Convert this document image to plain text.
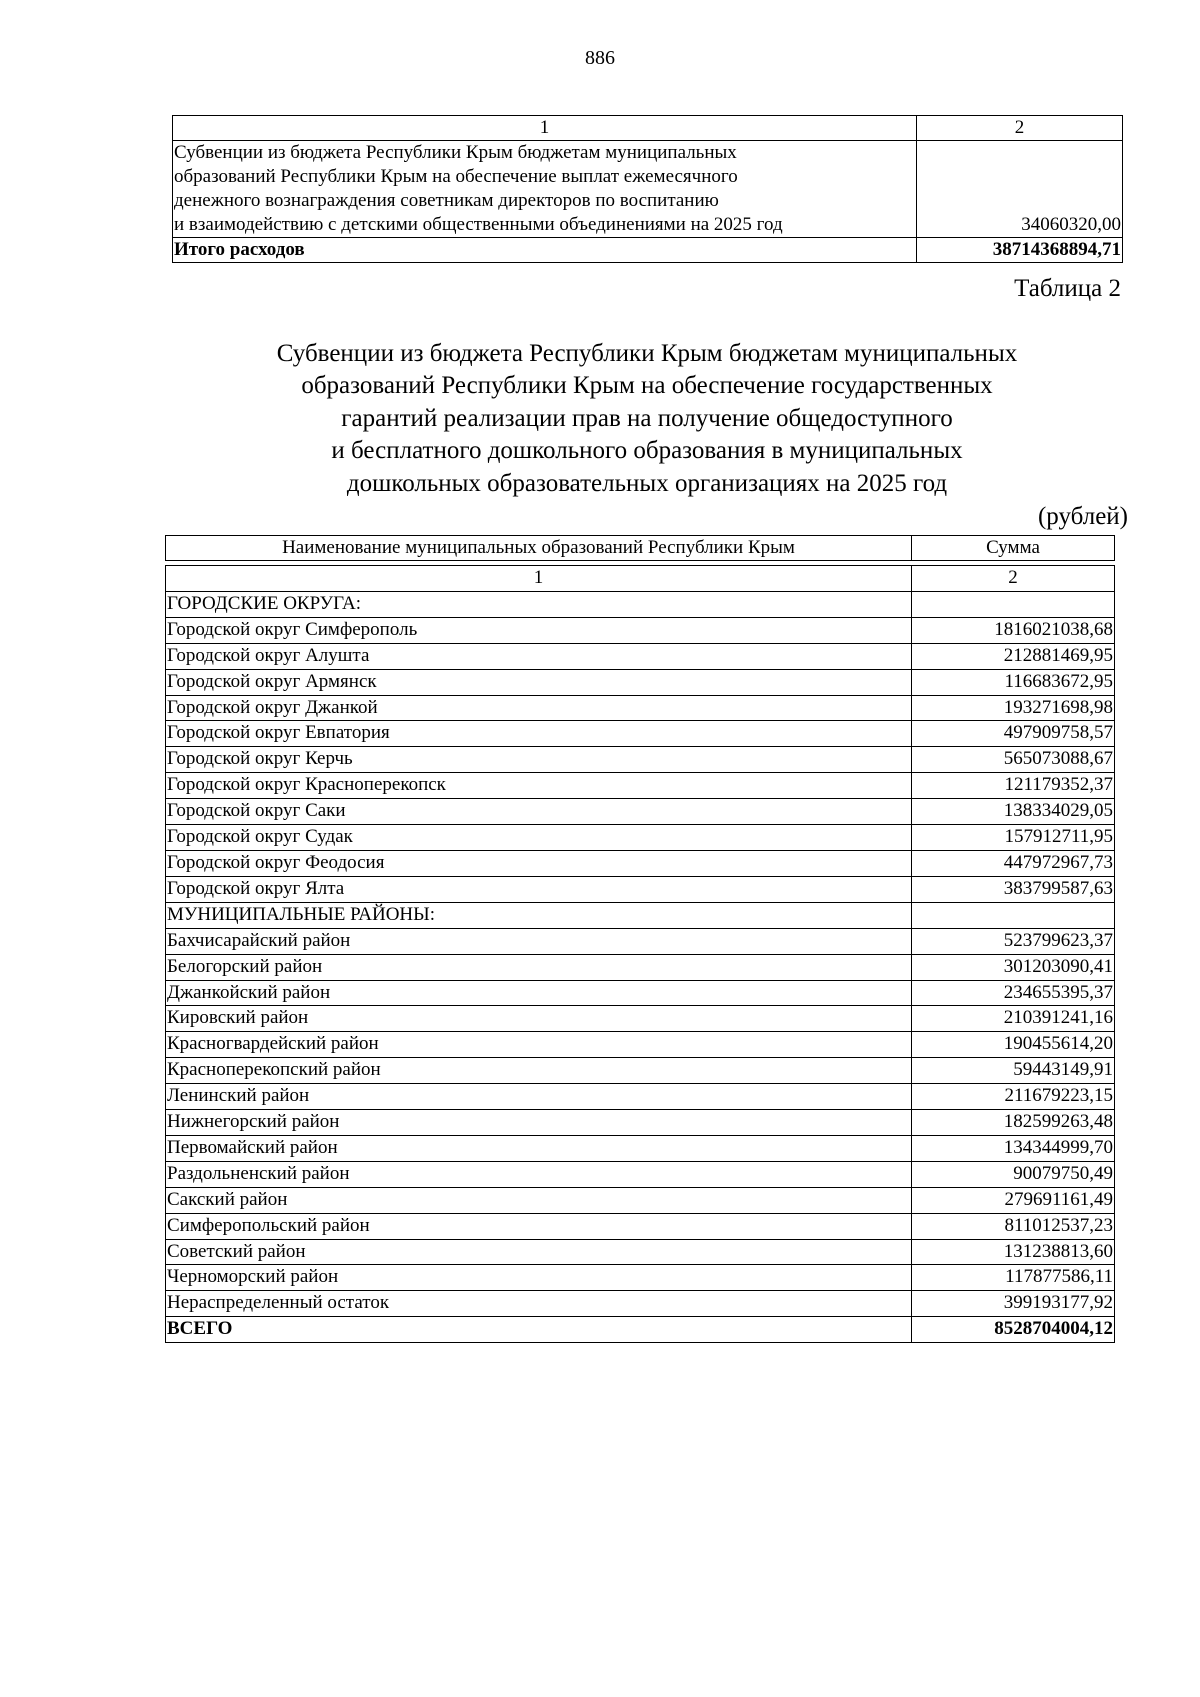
886
1	2

Субвенции из бюджета Республики Крым бюджетам муниципальных
образований Республики Крым на обеспечение выплат ежемесячного
денежного вознаграждения советникам директоров по воспитанию
и взаимодействию с детскими общественными объединениями на 2025 год	34060320,00
Итого расходов	38714368894,71
Таблица 2
Субвенции из бюджета Республики Крым бюджетам муниципальных
образований Республики Крым на обеспечение государственных
гарантий реализации прав на получение общедоступного
и бесплатного дошкольного образования в муниципальных
дошкольных образовательных организациях на 2025 год
(рублей)
Наименование муниципальных образований Республики Крым	Сумма
1	2
ГОРОДСКИЕ ОКРУГА:	
Городской округ Симферополь	1816021038,68
Городской округ Алушта	212881469,95
Городской округ Армянск	116683672,95
Городской округ Джанкой	193271698,98
Городской округ Евпатория	497909758,57
Городской округ Керчь	565073088,67
Городской округ Красноперекопск	121179352,37
Городской округ Саки	138334029,05
Городской округ Судак	157912711,95
Городской округ Феодосия	447972967,73
Городской округ Ялта	383799587,63
МУНИЦИПАЛЬНЫЕ РАЙОНЫ:	
Бахчисарайский район	523799623,37
Белогорский район	301203090,41
Джанкойский район	234655395,37
Кировский район	210391241,16
Красногвардейский район	190455614,20
Красноперекопский район	59443149,91
Ленинский район	211679223,15
Нижнегорский район	182599263,48
Первомайский район	134344999,70
Раздольненский район	90079750,49
Сакский район	279691161,49
Симферопольский район	811012537,23
Советский район	131238813,60
Черноморский район	117877586,11
Нераспределенный остаток	399193177,92
ВСЕГО	8528704004,12
